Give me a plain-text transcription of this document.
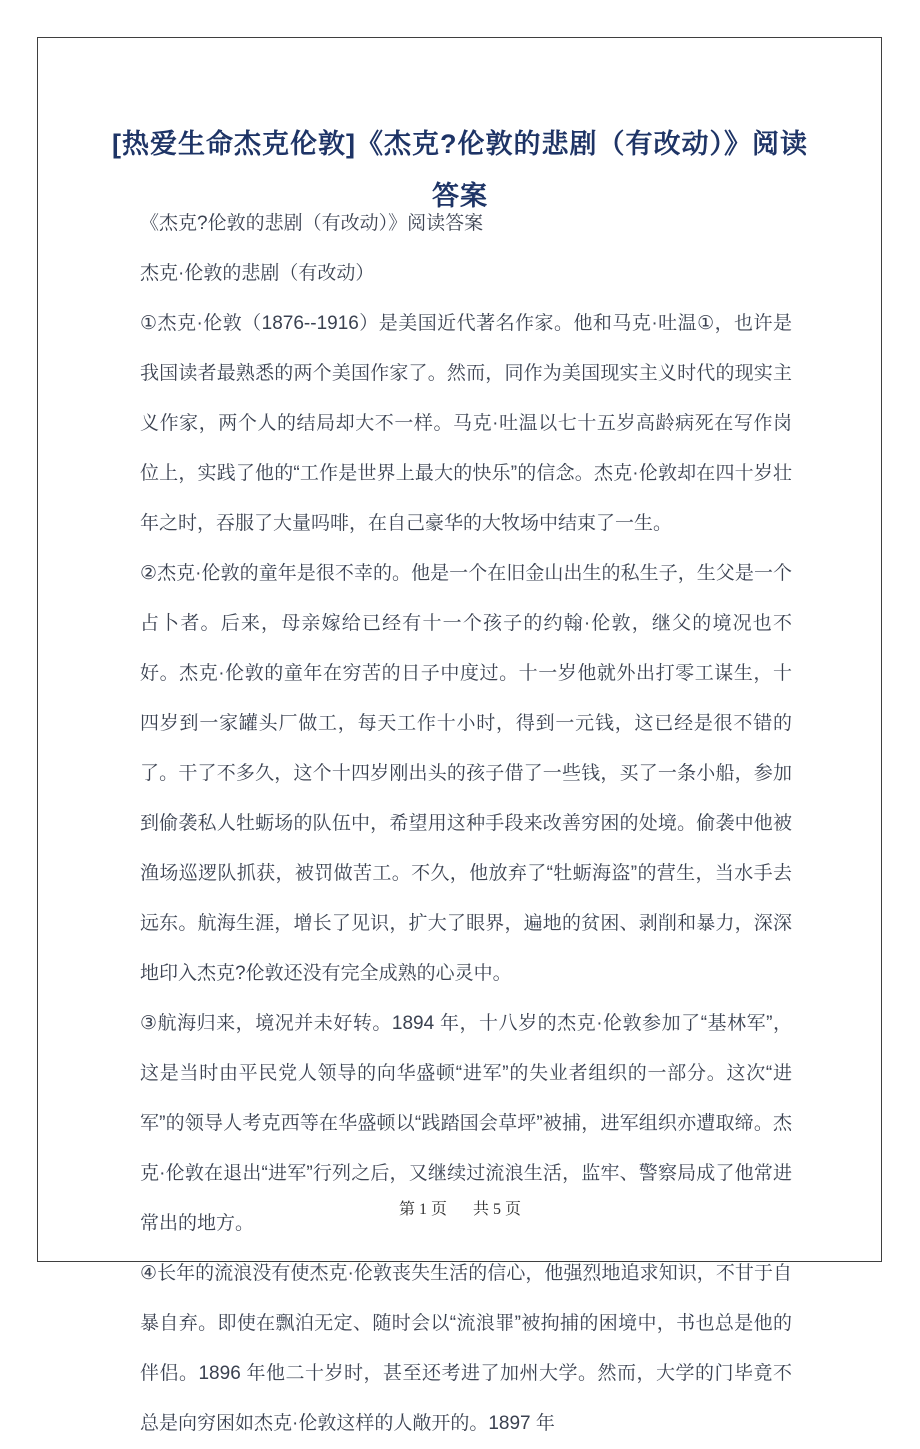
[热爱生命杰克伦敦]《杰克?伦敦的悲剧（有改动）》阅读答案

《杰克?伦敦的悲剧（有改动）》阅读答案

杰克·伦敦的悲剧（有改动）

①杰克·伦敦（1876--1916）是美国近代著名作家。他和马克·吐温①，也许是我国读者最熟悉的两个美国作家了。然而，同作为美国现实主义时代的现实主义作家，两个人的结局却大不一样。马克·吐温以七十五岁高龄病死在写作岗位上，实践了他的“工作是世界上最大的快乐”的信念。杰克·伦敦却在四十岁壮年之时，吞服了大量吗啡，在自己豪华的大牧场中结束了一生。

②杰克·伦敦的童年是很不幸的。他是一个在旧金山出生的私生子，生父是一个占卜者。后来，母亲嫁给已经有十一个孩子的约翰·伦敦，继父的境况也不好。杰克·伦敦的童年在穷苦的日子中度过。十一岁他就外出打零工谋生，十四岁到一家罐头厂做工，每天工作十小时，得到一元钱，这已经是很不错的了。干了不多久，这个十四岁刚出头的孩子借了一些钱，买了一条小船，参加到偷袭私人牡蛎场的队伍中，希望用这种手段来改善穷困的处境。偷袭中他被渔场巡逻队抓获，被罚做苦工。不久，他放弃了“牡蛎海盗”的营生，当水手去远东。航海生涯，增长了见识，扩大了眼界，遍地的贫困、剥削和暴力，深深地印入杰克?伦敦还没有完全成熟的心灵中。

③航海归来，境况并未好转。1894 年，十八岁的杰克·伦敦参加了“基林军”，这是当时由平民党人领导的向华盛顿“进军”的失业者组织的一部分。这次“进军”的领导人考克西等在华盛顿以“践踏国会草坪”被捕，进军组织亦遭取缔。杰克·伦敦在退出“进军”行列之后，又继续过流浪生活，监牢、警察局成了他常进常出的地方。

④长年的流浪没有使杰克·伦敦丧失生活的信心，他强烈地追求知识，不甘于自暴自弃。即使在飘泊无定、随时会以“流浪罪”被拘捕的困境中，书也总是他的伴侣。1896 年他二十岁时，甚至还考进了加州大学。然而，大学的门毕竟不总是向穷困如杰克·伦敦这样的人敞开的。1897 年

第 1 页 共 5 页
